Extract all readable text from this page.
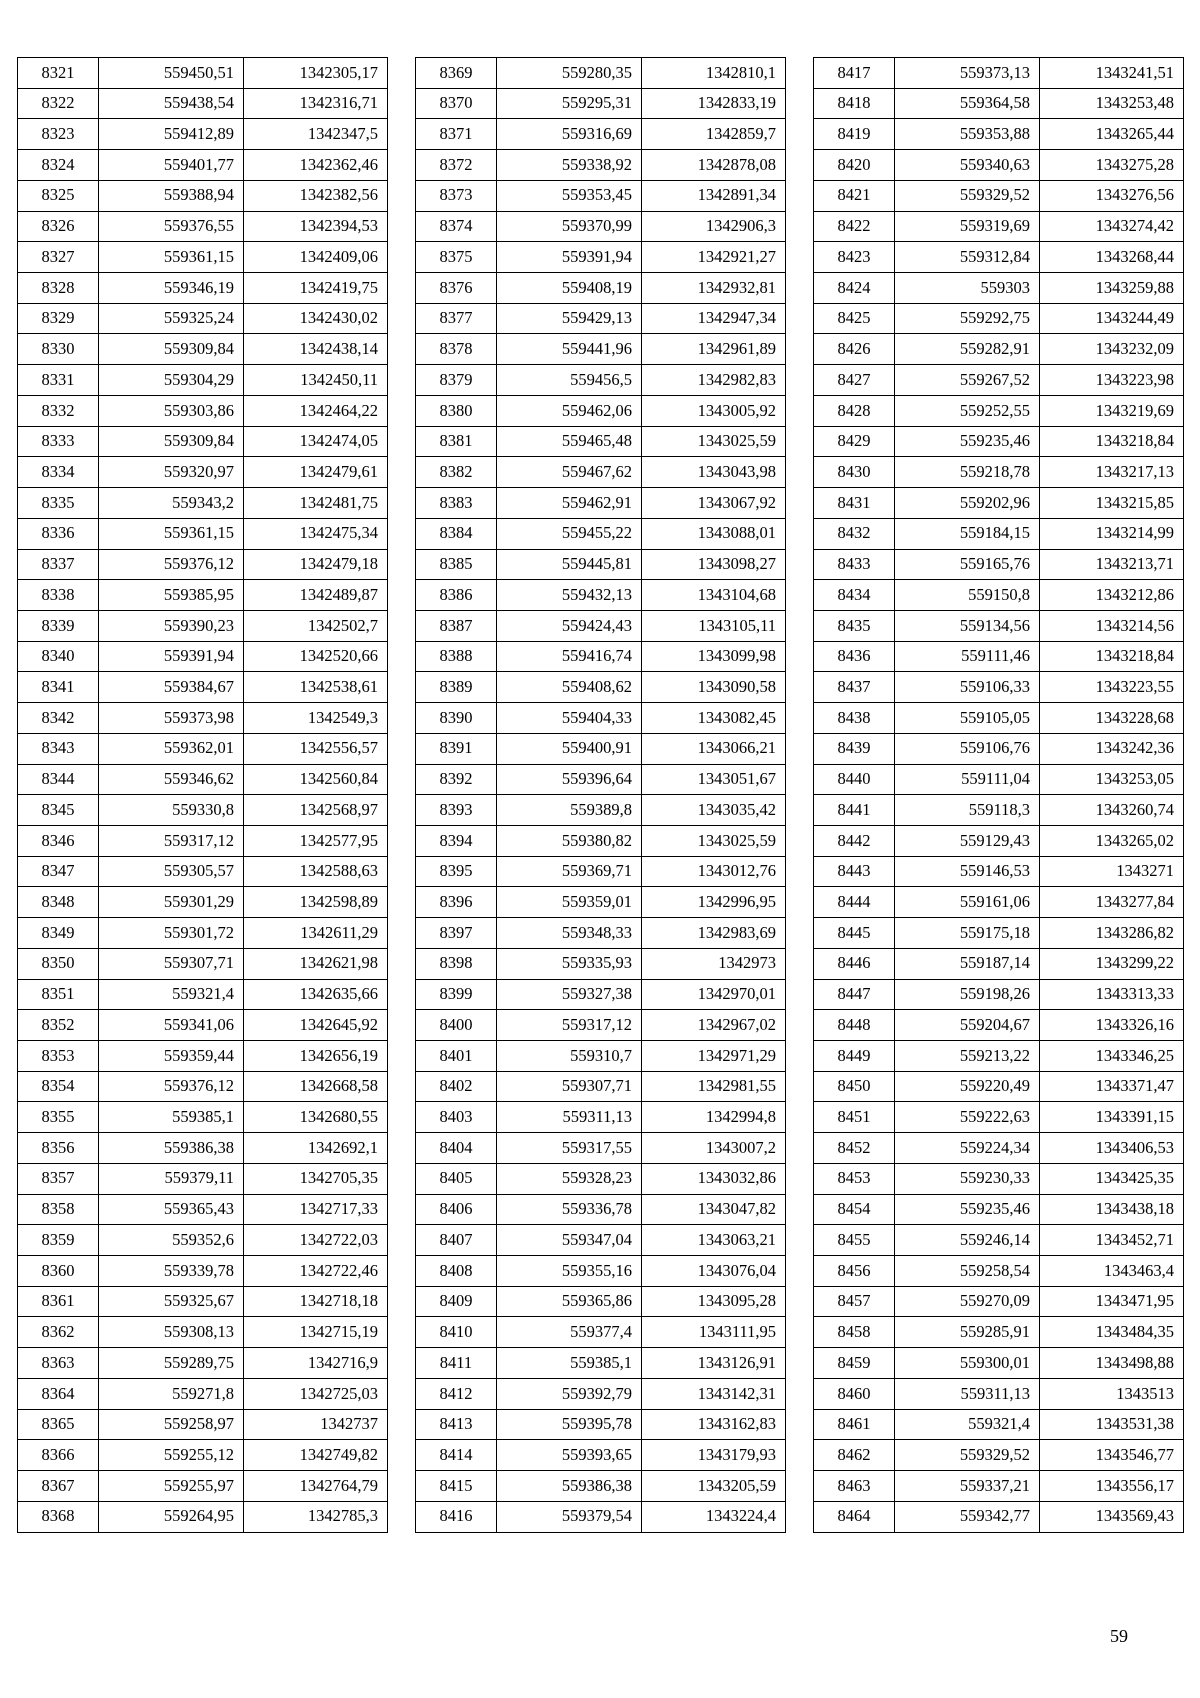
8321	559450,51	1342305,17
8322	559438,54	1342316,71
8323	559412,89	1342347,5
8324	559401,77	1342362,46
8325	559388,94	1342382,56
8326	559376,55	1342394,53
8327	559361,15	1342409,06
8328	559346,19	1342419,75
8329	559325,24	1342430,02
8330	559309,84	1342438,14
8331	559304,29	1342450,11
8332	559303,86	1342464,22
8333	559309,84	1342474,05
8334	559320,97	1342479,61
8335	559343,2	1342481,75
8336	559361,15	1342475,34
8337	559376,12	1342479,18
8338	559385,95	1342489,87
8339	559390,23	1342502,7
8340	559391,94	1342520,66
8341	559384,67	1342538,61
8342	559373,98	1342549,3
8343	559362,01	1342556,57
8344	559346,62	1342560,84
8345	559330,8	1342568,97
8346	559317,12	1342577,95
8347	559305,57	1342588,63
8348	559301,29	1342598,89
8349	559301,72	1342611,29
8350	559307,71	1342621,98
8351	559321,4	1342635,66
8352	559341,06	1342645,92
8353	559359,44	1342656,19
8354	559376,12	1342668,58
8355	559385,1	1342680,55
8356	559386,38	1342692,1
8357	559379,11	1342705,35
8358	559365,43	1342717,33
8359	559352,6	1342722,03
8360	559339,78	1342722,46
8361	559325,67	1342718,18
8362	559308,13	1342715,19
8363	559289,75	1342716,9
8364	559271,8	1342725,03
8365	559258,97	1342737
8366	559255,12	1342749,82
8367	559255,97	1342764,79
8368	559264,95	1342785,3
8369	559280,35	1342810,1
8370	559295,31	1342833,19
8371	559316,69	1342859,7
8372	559338,92	1342878,08
8373	559353,45	1342891,34
8374	559370,99	1342906,3
8375	559391,94	1342921,27
8376	559408,19	1342932,81
8377	559429,13	1342947,34
8378	559441,96	1342961,89
8379	559456,5	1342982,83
8380	559462,06	1343005,92
8381	559465,48	1343025,59
8382	559467,62	1343043,98
8383	559462,91	1343067,92
8384	559455,22	1343088,01
8385	559445,81	1343098,27
8386	559432,13	1343104,68
8387	559424,43	1343105,11
8388	559416,74	1343099,98
8389	559408,62	1343090,58
8390	559404,33	1343082,45
8391	559400,91	1343066,21
8392	559396,64	1343051,67
8393	559389,8	1343035,42
8394	559380,82	1343025,59
8395	559369,71	1343012,76
8396	559359,01	1342996,95
8397	559348,33	1342983,69
8398	559335,93	1342973
8399	559327,38	1342970,01
8400	559317,12	1342967,02
8401	559310,7	1342971,29
8402	559307,71	1342981,55
8403	559311,13	1342994,8
8404	559317,55	1343007,2
8405	559328,23	1343032,86
8406	559336,78	1343047,82
8407	559347,04	1343063,21
8408	559355,16	1343076,04
8409	559365,86	1343095,28
8410	559377,4	1343111,95
8411	559385,1	1343126,91
8412	559392,79	1343142,31
8413	559395,78	1343162,83
8414	559393,65	1343179,93
8415	559386,38	1343205,59
8416	559379,54	1343224,4
8417	559373,13	1343241,51
8418	559364,58	1343253,48
8419	559353,88	1343265,44
8420	559340,63	1343275,28
8421	559329,52	1343276,56
8422	559319,69	1343274,42
8423	559312,84	1343268,44
8424	559303	1343259,88
8425	559292,75	1343244,49
8426	559282,91	1343232,09
8427	559267,52	1343223,98
8428	559252,55	1343219,69
8429	559235,46	1343218,84
8430	559218,78	1343217,13
8431	559202,96	1343215,85
8432	559184,15	1343214,99
8433	559165,76	1343213,71
8434	559150,8	1343212,86
8435	559134,56	1343214,56
8436	559111,46	1343218,84
8437	559106,33	1343223,55
8438	559105,05	1343228,68
8439	559106,76	1343242,36
8440	559111,04	1343253,05
8441	559118,3	1343260,74
8442	559129,43	1343265,02
8443	559146,53	1343271
8444	559161,06	1343277,84
8445	559175,18	1343286,82
8446	559187,14	1343299,22
8447	559198,26	1343313,33
8448	559204,67	1343326,16
8449	559213,22	1343346,25
8450	559220,49	1343371,47
8451	559222,63	1343391,15
8452	559224,34	1343406,53
8453	559230,33	1343425,35
8454	559235,46	1343438,18
8455	559246,14	1343452,71
8456	559258,54	1343463,4
8457	559270,09	1343471,95
8458	559285,91	1343484,35
8459	559300,01	1343498,88
8460	559311,13	1343513
8461	559321,4	1343531,38
8462	559329,52	1343546,77
8463	559337,21	1343556,17
8464	559342,77	1343569,43
59
